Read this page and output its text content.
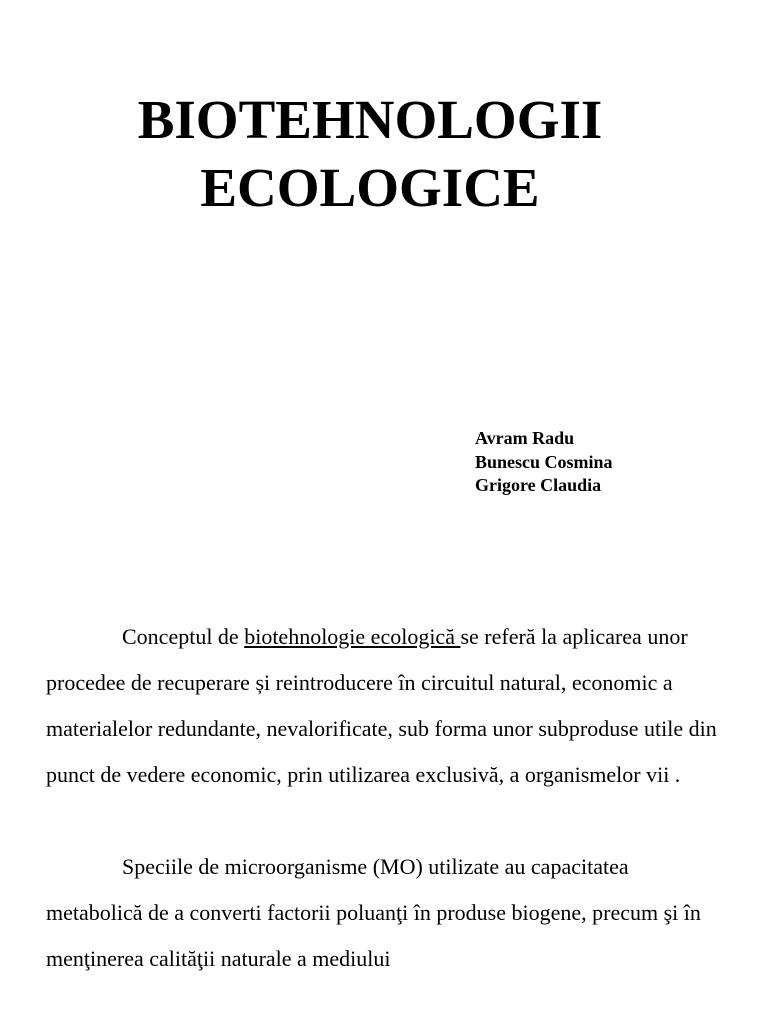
BIOTEHNOLOGII
ECOLOGICE
Avram Radu
Bunescu Cosmina
Grigore Claudia

Conceptul de biotehnologie ecologică se referă la aplicarea unor procedee de recuperare și reintroducere în circuitul natural, economic a materialelor redundante, nevalorificate, sub forma unor subproduse utile din punct de vedere economic, prin utilizarea exclusivă, a organismelor vii .

Speciile de microorganisme (MO) utilizate au capacitatea metabolică de a converti factorii poluanţi în produse biogene, precum şi în menţinerea calităţii naturale a mediului
